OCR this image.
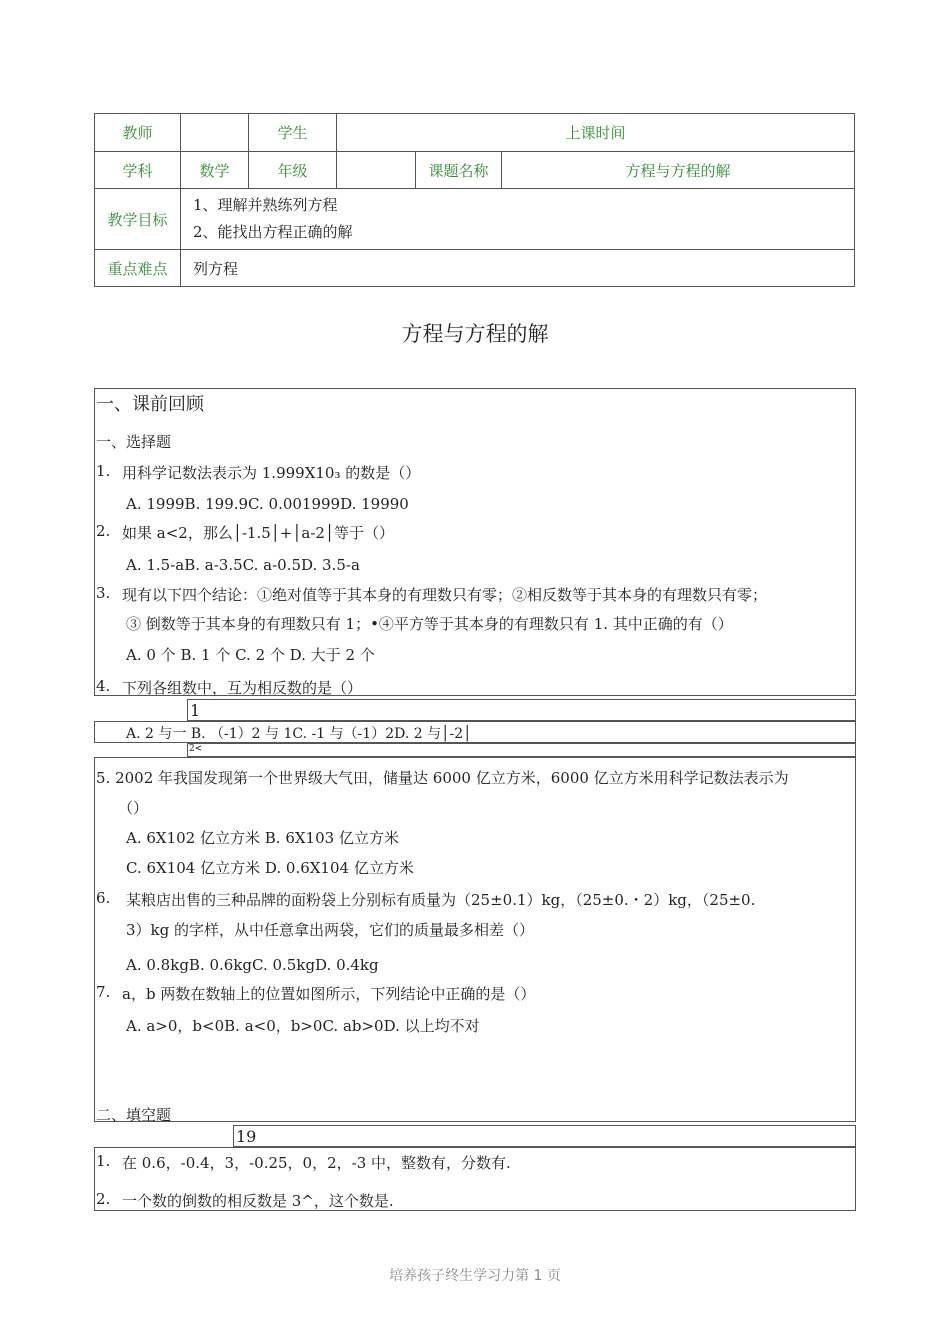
教师		学生	上课时间		
学科	数学	年级		课题名称	方程与方程的解
教学目标	1、理解并熟练列方程
2、能找出方程正确的解				

重点难点	列方程				
方程与方程的解
一、课前回顾
一、选择题
1. 用科学记数法表示为 1.999X10₃ 的数是（）
A. 1999B. 199.9C. 0.001999D. 19990
2. 如果 a<2，那么│-1.5│+│a-2│等于（）
A. 1.5-aB. a-3.5C. a-0.5D. 3.5-a
3. 现有以下四个结论：①绝对值等于其本身的有理数只有零；②相反数等于其本身的有理数只有零；
③ 倒数等于其本身的有理数只有 1；•④平方等于其本身的有理数只有 1. 其中正确的有（）
A. 0 个 B. 1 个 C. 2 个 D. 大于 2 个
4. 下列各组数中，互为相反数的是（）
1
A. 2 与一 B. （-1）2 与 1C. -1 与（-1）2D. 2 与│-2│
2<
5. 2002 年我国发现第一个世界级大气田，储量达 6000 亿立方米，6000 亿立方米用科学记数法表示为
（）
A. 6X102 亿立方米 B. 6X103 亿立方米
C. 6X104 亿立方米 D. 0.6X104 亿立方米
6. 某粮店出售的三种品牌的面粉袋上分别标有质量为（25±0.1）kg，（25±0.・2）kg，（25±0.
3）kg 的字样，从中任意拿出两袋，它们的质量最多相差（）
A. 0.8kgB. 0.6kgC. 0.5kgD. 0.4kg
7. a，b 两数在数轴上的位置如图所示，下列结论中正确的是（）
A. a>0，b<0B. a<0，b>0C. ab>0D. 以上均不对
二、填空题
19
1. 在 0.6，-0.4，3，-0.25，0，2，-3 中，整数有，分数有.
2. 一个数的倒数的相反数是 3^，这个数是.
培养孩子终生学习力第 1 页
